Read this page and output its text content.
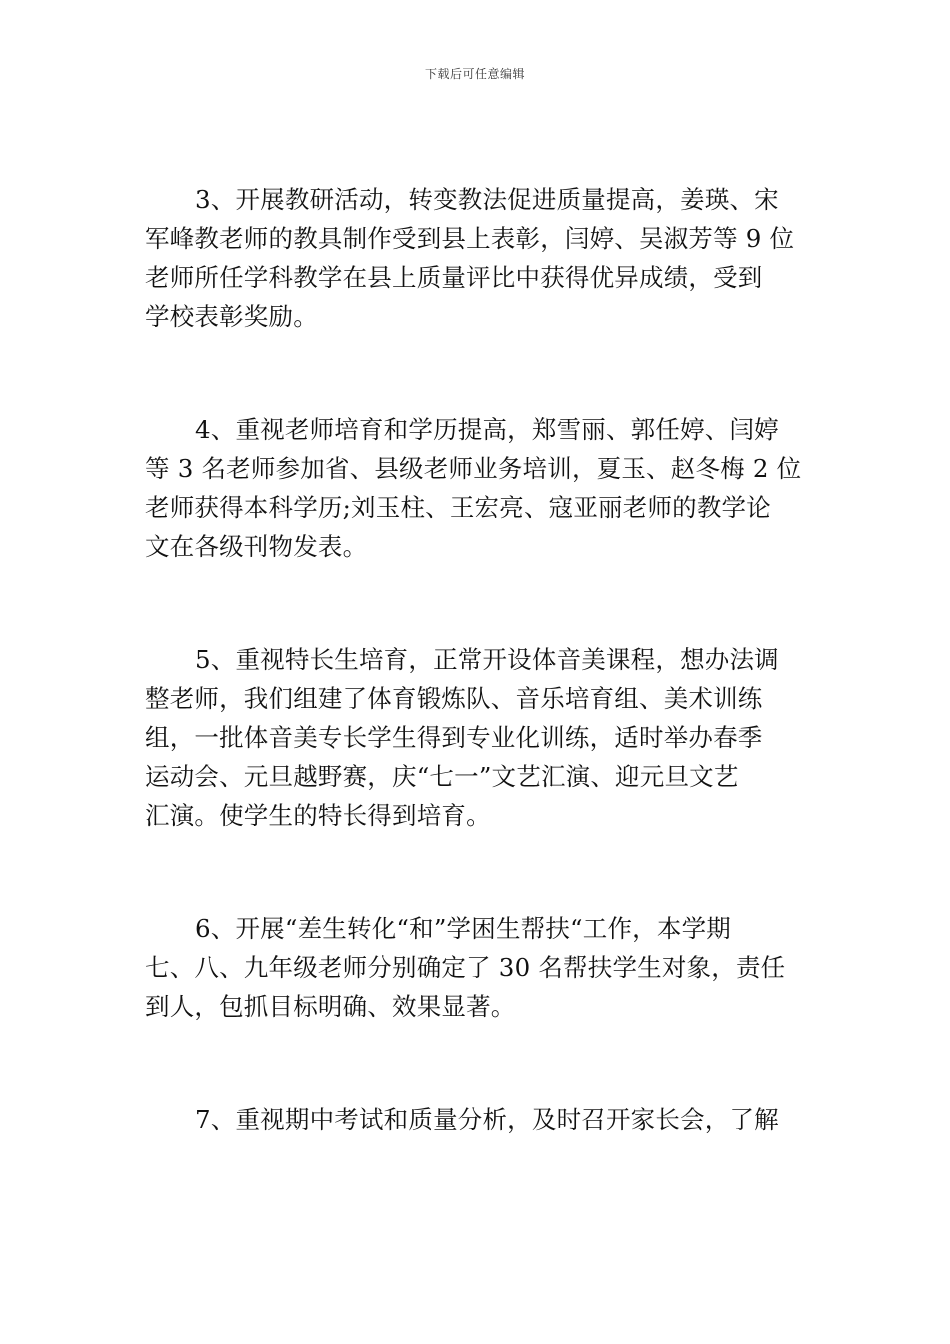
下载后可任意编辑
3、开展教研活动，转变教法促进质量提高，姜瑛、宋
军峰教老师的教具制作受到县上表彰，闫婷、吴淑芳等 9 位
老师所任学科教学在县上质量评比中获得优异成绩，受到
学校表彰奖励。
4、重视老师培育和学历提高，郑雪丽、郭任婷、闫婷
等 3 名老师参加省、县级老师业务培训，夏玉、赵冬梅 2 位
老师获得本科学历;刘玉柱、王宏亮、寇亚丽老师的教学论
文在各级刊物发表。
5、重视特长生培育，正常开设体音美课程，想办法调
整老师，我们组建了体育锻炼队、音乐培育组、美术训练
组，一批体音美专长学生得到专业化训练，适时举办春季
运动会、元旦越野赛，庆“七一”文艺汇演、迎元旦文艺
汇演。使学生的特长得到培育。
6、开展“差生转化“和”学困生帮扶“工作，本学期
七、八、九年级老师分别确定了 30 名帮扶学生对象，责任
到人，包抓目标明确、效果显著。
7、重视期中考试和质量分析，及时召开家长会，了解
